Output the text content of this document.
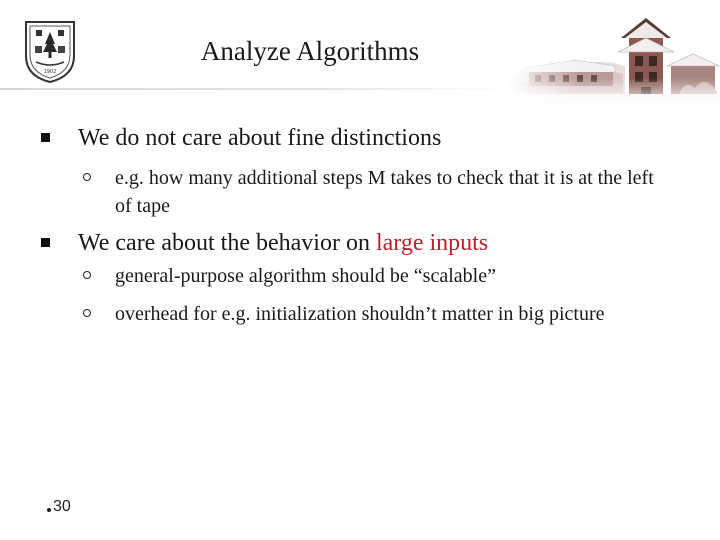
1902
Analyze Algorithms
We do not care about fine distinctions
e.g. how many additional steps M takes to check that it is at the left of tape
We care about the behavior on large inputs
general-purpose algorithm should be “scalable”
overhead for e.g. initialization shouldn’t matter in big picture
30
